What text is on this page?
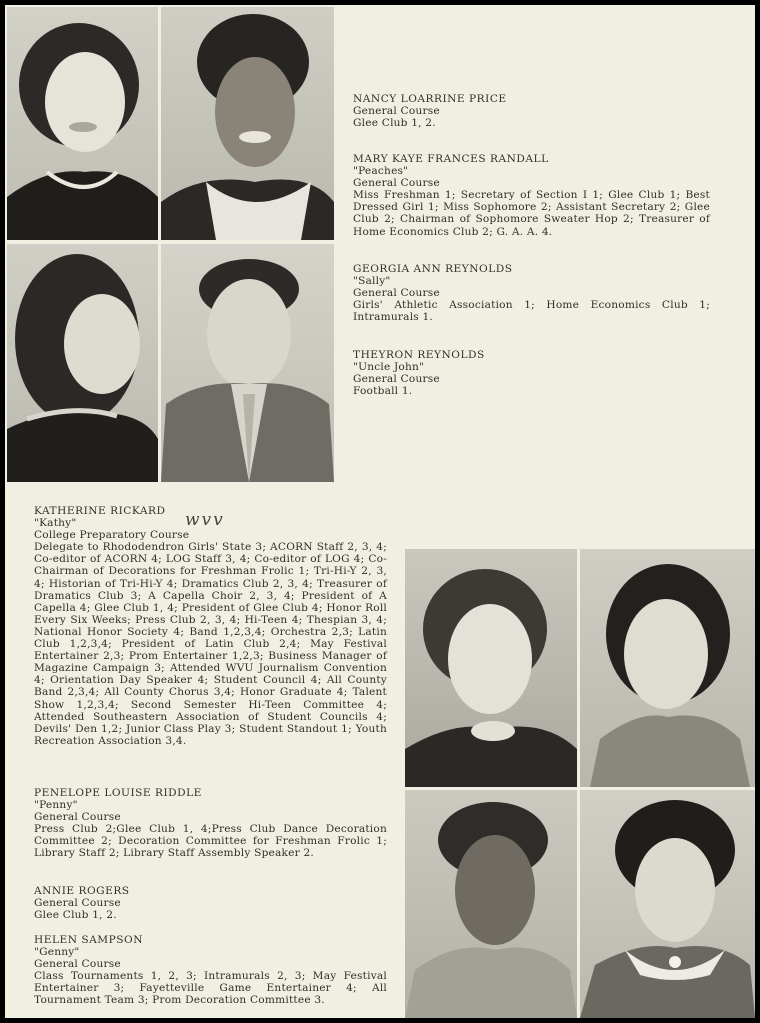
NANCY LOARRINE PRICE
General Course
Glee Club 1, 2.
MARY KAYE FRANCES RANDALL
"Peaches"
General Course
Miss Freshman 1; Secretary of Section I 1; Glee Club 1; Best Dressed Girl 1; Miss Sophomore 2; Assistant Secretary 2; Glee Club 2; Chairman of Sophomore Sweater Hop 2; Treasurer of Home Economics Club 2; G. A. A. 4.
GEORGIA ANN REYNOLDS
"Sally"
General Course
Girls' Athletic Association 1; Home Economics Club 1; Intramurals 1.
THEYRON REYNOLDS
"Uncle John"
General Course
Football 1.
wvv
KATHERINE RICKARD
"Kathy"
College Preparatory Course
Delegate to Rhododendron Girls' State 3; ACORN Staff 2, 3, 4; Co-editor of ACORN 4; LOG Staff 3, 4; Co-editor of LOG 4; Co-Chairman of Decorations for Freshman Frolic 1; Tri-Hi-Y 2, 3, 4; Historian of Tri-Hi-Y 4; Dramatics Club 2, 3, 4; Treasurer of Dramatics Club 3; A Capella Choir 2, 3, 4; President of A Capella 4; Glee Club 1, 4; President of Glee Club 4; Honor Roll Every Six Weeks; Press Club 2, 3, 4; Hi-Teen 4; Thespian 3, 4; National Honor Society 4; Band 1,2,3,4; Orchestra 2,3; Latin Club 1,2,3,4; President of Latin Club 2,4; May Festival Entertainer 2,3; Prom Entertainer 1,2,3; Business Manager of Magazine Campaign 3; Attended WVU Journalism Convention 4; Orientation Day Speaker 4; Student Council 4; All County Band 2,3,4; All County Chorus 3,4; Honor Graduate 4; Talent Show 1,2,3,4; Second Semester Hi-Teen Committee 4; Attended Southeastern Association of Student Councils 4; Devils' Den 1,2; Junior Class Play 3; Student Standout 1; Youth Recreation Association 3,4.
PENELOPE LOUISE RIDDLE
"Penny"
General Course
Press Club 2;Glee Club 1, 4;Press Club Dance Decoration Committee 2; Decoration Committee for Freshman Frolic 1; Library Staff 2; Library Staff Assembly Speaker 2.
ANNIE ROGERS
General Course
Glee Club 1, 2.
HELEN SAMPSON
"Genny"
General Course
Class Tournaments 1, 2, 3; Intramurals 2, 3; May Festival Entertainer 3; Fayetteville Game Entertainer 4; All Tournament Team 3; Prom Decoration Committee 3.
